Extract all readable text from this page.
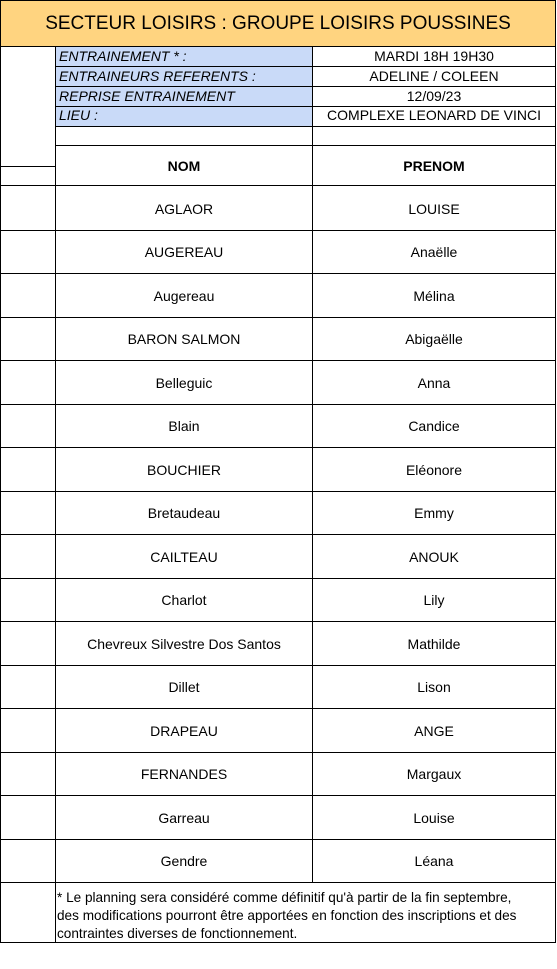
SECTEUR LOISIRS : GROUPE LOISIRS POUSSINES
ENTRAINEMENT * :	MARDI 18H 19H30
ENTRAINEURS REFERENTS :	ADELINE / COLEEN
REPRISE ENTRAINEMENT	12/09/23
LIEU :	COMPLEXE LEONARD DE VINCI
NOM	PRENOM
AGLAOR	LOUISE
AUGEREAU	Anaëlle
Augereau	Mélina
BARON SALMON	Abigaëlle
Belleguic	Anna
Blain	Candice
BOUCHIER	Eléonore
Bretaudeau	Emmy
CAILTEAU	ANOUK
Charlot	Lily
Chevreux Silvestre Dos Santos	Mathilde
Dillet	Lison
DRAPEAU	ANGE
FERNANDES	Margaux
Garreau	Louise
Gendre	Léana
* Le planning sera considéré comme définitif qu'à partir de la fin septembre,
des modifications pourront être apportées en fonction des inscriptions et des
contraintes diverses de fonctionnement.
